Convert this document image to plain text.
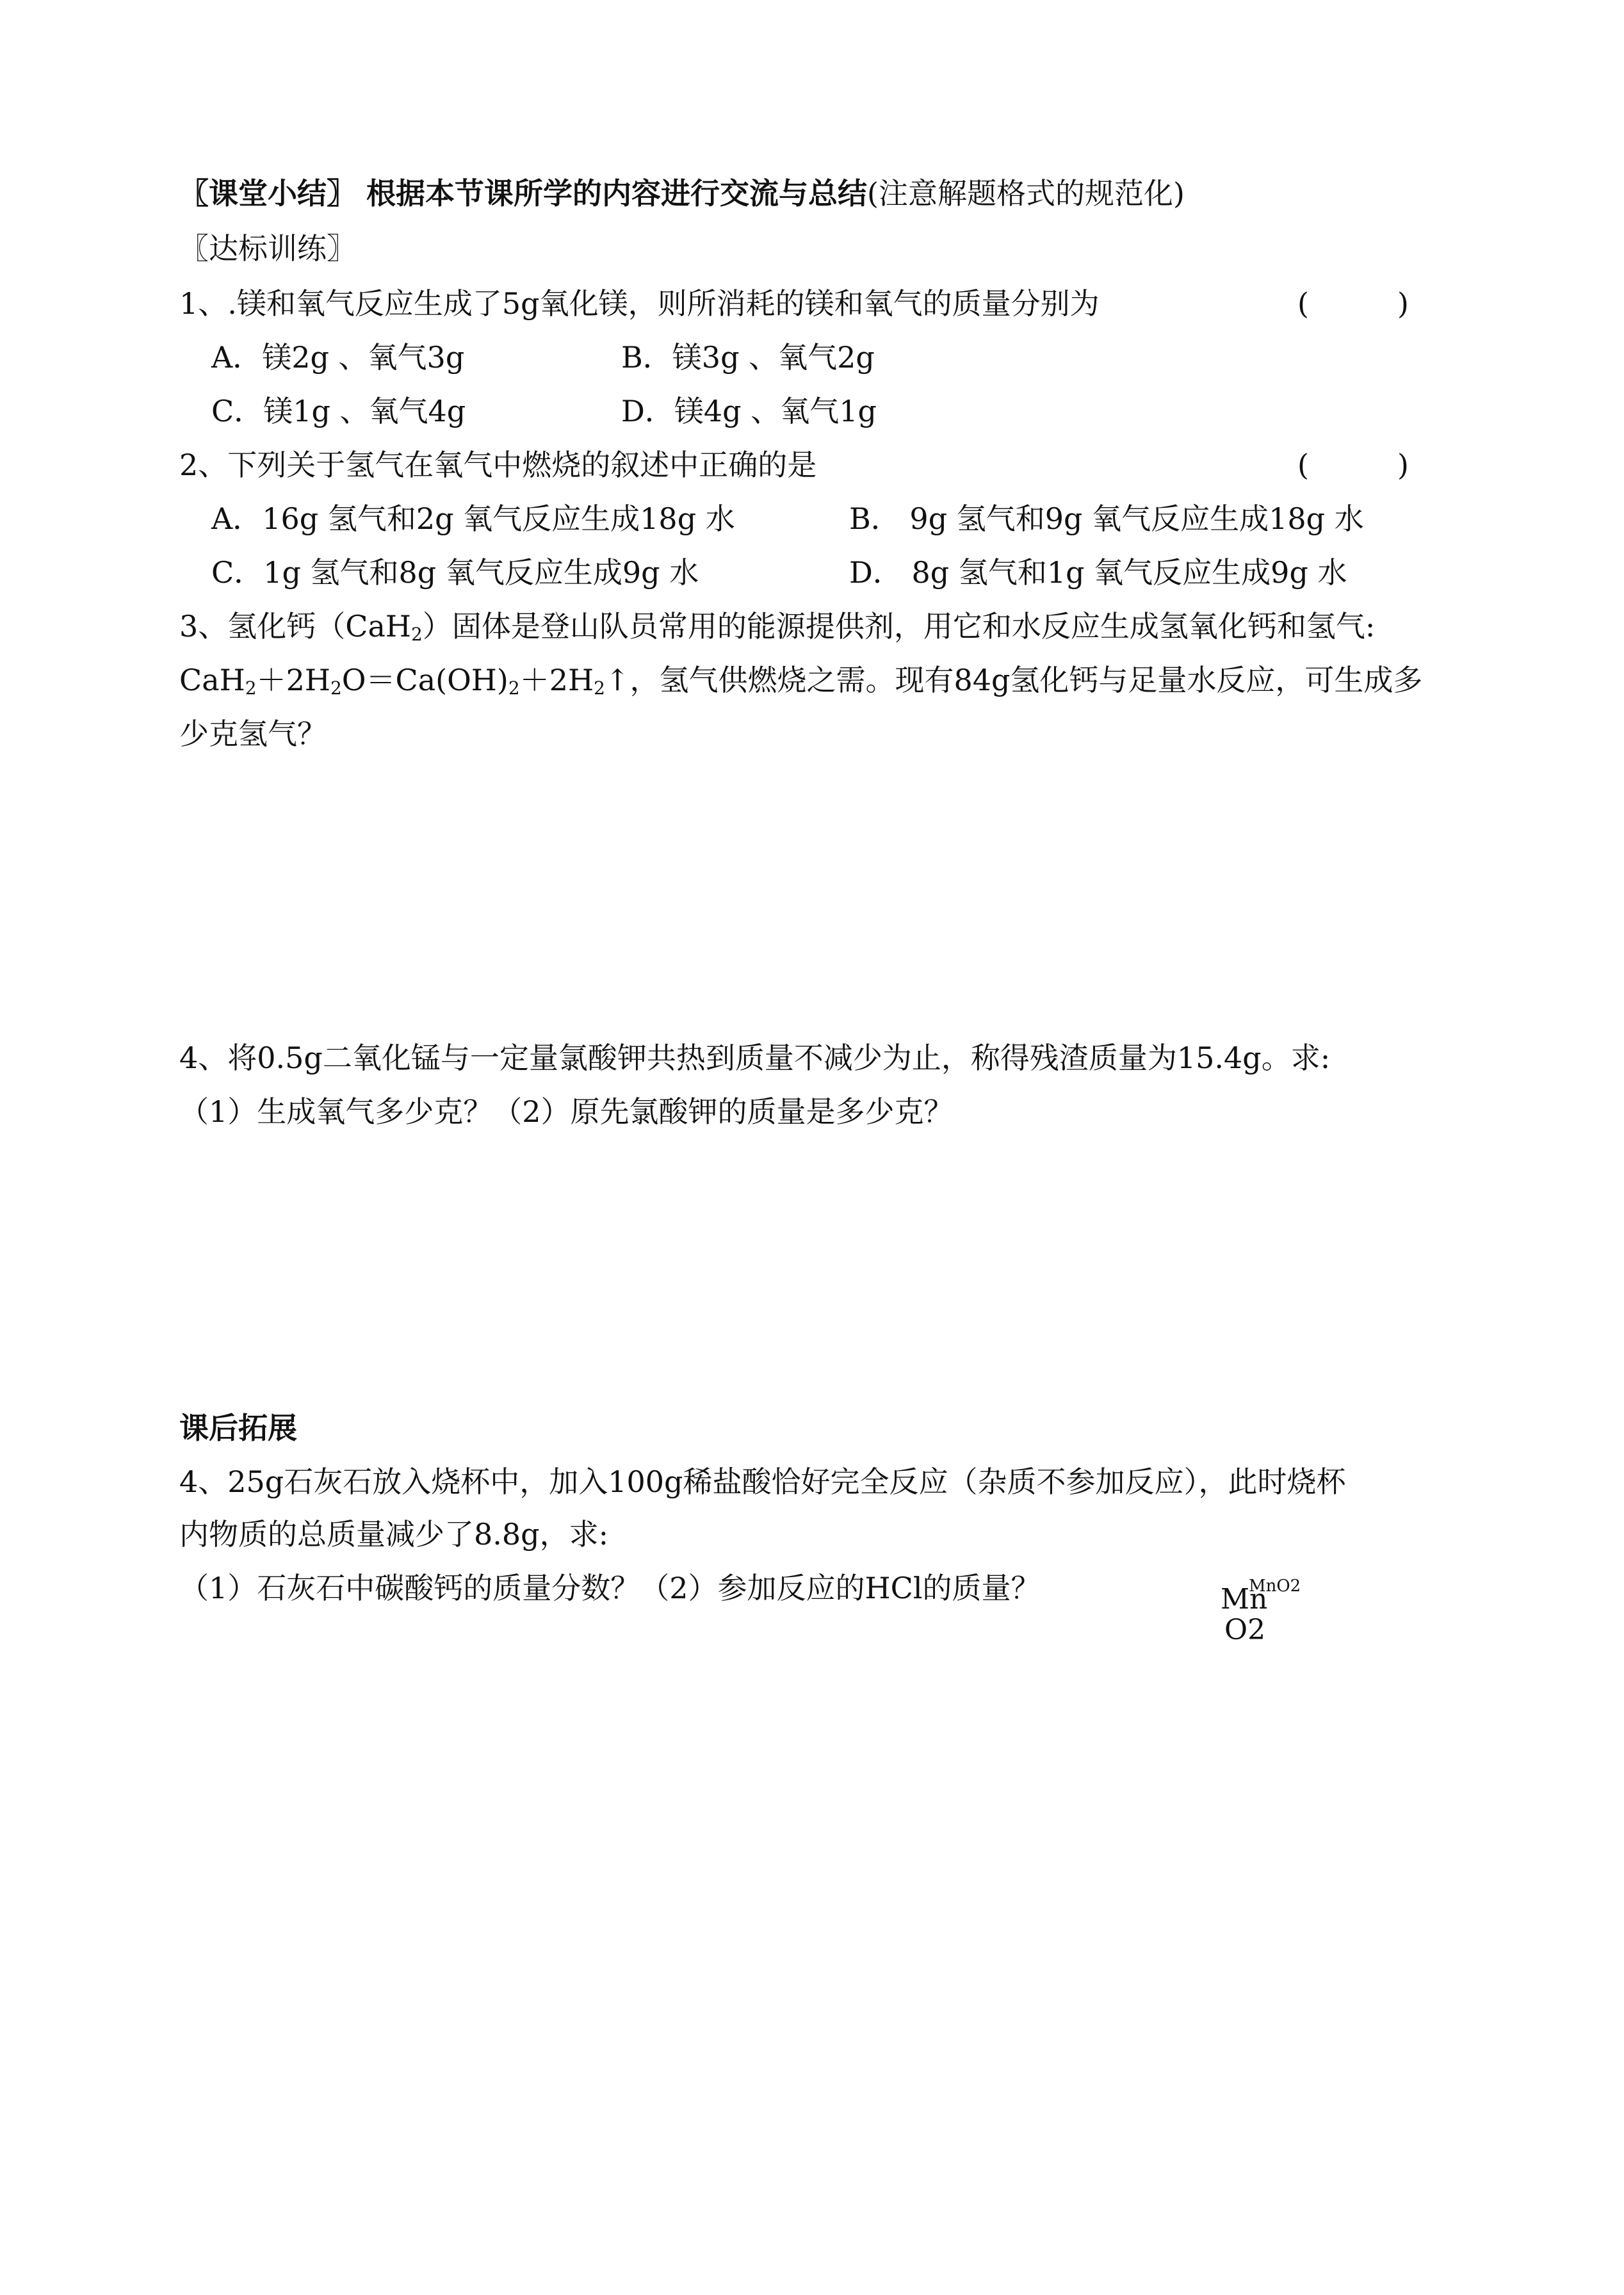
〖课堂小结〗 根据本节课所学的内容进行交流与总结(注意解题格式的规范化)
〖达标训练〗
1、.镁和氧气反应生成了5g氧化镁，则所消耗的镁和氧气的质量分别为	(　　　)
A．镁2g 、氧气3g	B．镁3g 、氧气2g
C．镁1g 、氧气4g	D．镁4g 、氧气1g
2、下列关于氢气在氧气中燃烧的叙述中正确的是	(　　　)
A．16g 氢气和2g 氧气反应生成18g 水	B． 9g 氢气和9g 氧气反应生成18g 水
C．1g 氢气和8g 氧气反应生成9g 水	D． 8g 氢气和1g 氧气反应生成9g 水
3、氢化钙（CaH$_2$）固体是登山队员常用的能源提供剂，用它和水反应生成氢氧化钙和氢气:
$CaH_2+2H_2O=Ca(OH)_2+2H_2↑$，氢气供燃烧之需。现有84g氢化钙与足量水反应，可生成多
少克氢气？
4、将0.5g二氧化锰与一定量氯酸钾共热到质量不减少为止，称得残渣质量为15.4g。求:
（1）生成氧气多少克？（2）原先氯酸钾的质量是多少克？
课后拓展
4、25g石灰石放入烧杯中，加入100g稀盐酸恰好完全反应（杂质不参加反应），此时烧杯
内物质的总质量减少了8.8g，求:
（1）石灰石中碳酸钙的质量分数？（2）参加反应的HCl的质量？	Mn
MnO2
O2
